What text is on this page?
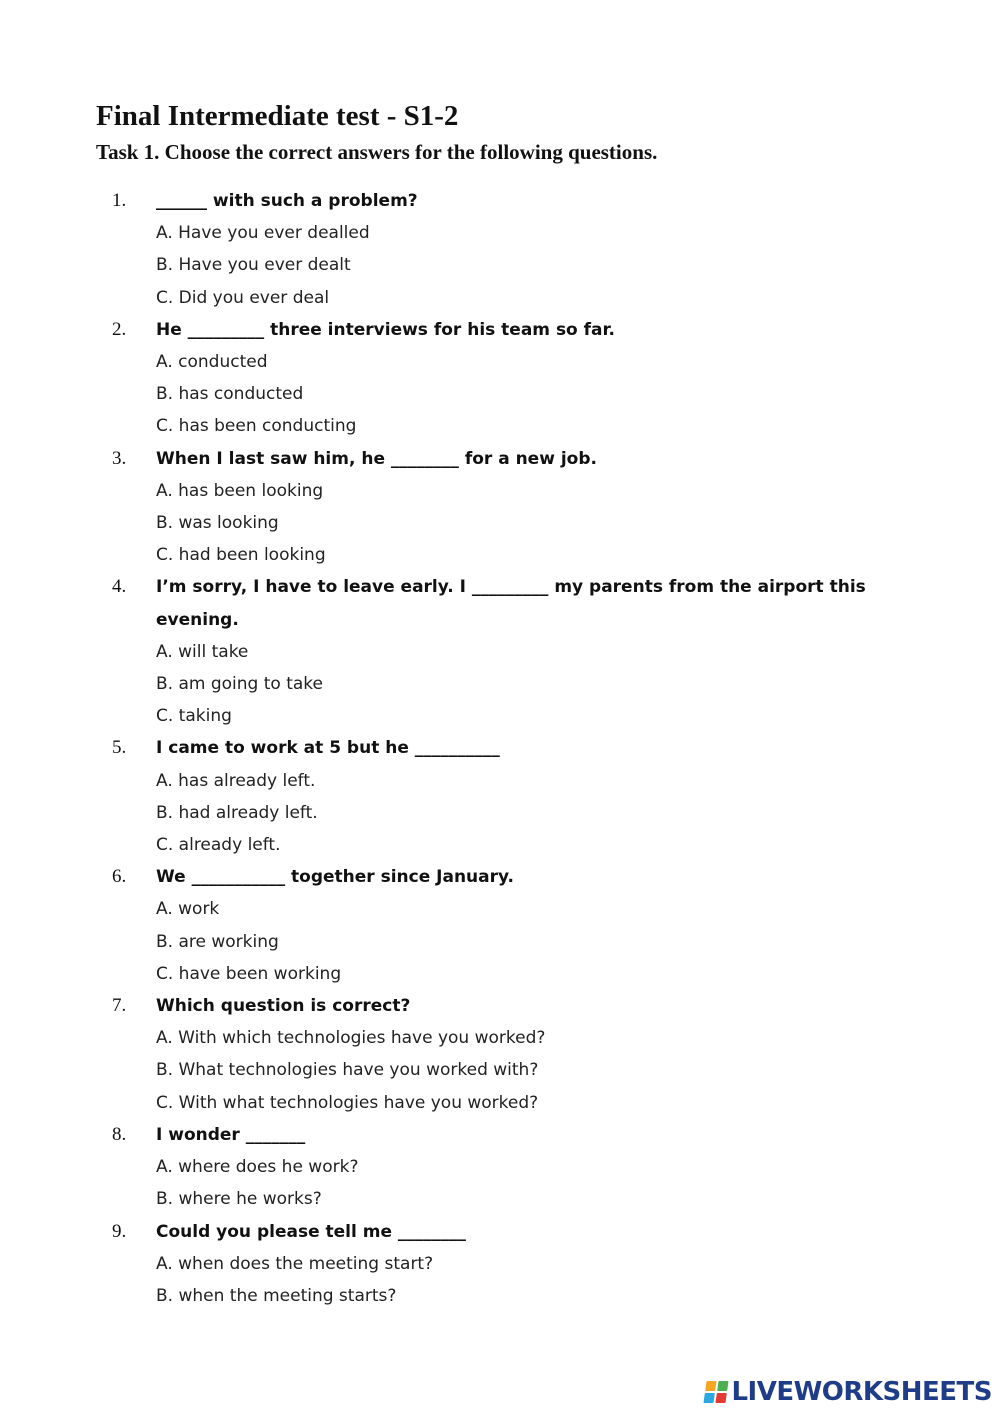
Final Intermediate test - S1-2
Task 1. Choose the correct answers for the following questions.
1. ______ with such a problem?
A. Have you ever dealled
B. Have you ever dealt
C. Did you ever deal
2. He _________ three interviews for his team so far.
A. conducted
B. has conducted
C. has been conducting
3. When I last saw him, he ________ for a new job.
A. has been looking
B. was looking
C. had been looking
4. I’m sorry, I have to leave early. I _________ my parents from the airport this evening.
A. will take
B. am going to take
C. taking
5. I came to work at 5 but he __________
A. has already left.
B. had already left.
C. already left.
6. We ___________ together since January.
A. work
B. are working
C. have been working
7. Which question is correct?
A. With which technologies have you worked?
B. What technologies have you worked with?
C. With what technologies have you worked?
8. I wonder _______
A. where does he work?
B. where he works?
9. Could you please tell me ________
A. when does the meeting start?
B. when the meeting starts?
LIVEWORKSHEETS
